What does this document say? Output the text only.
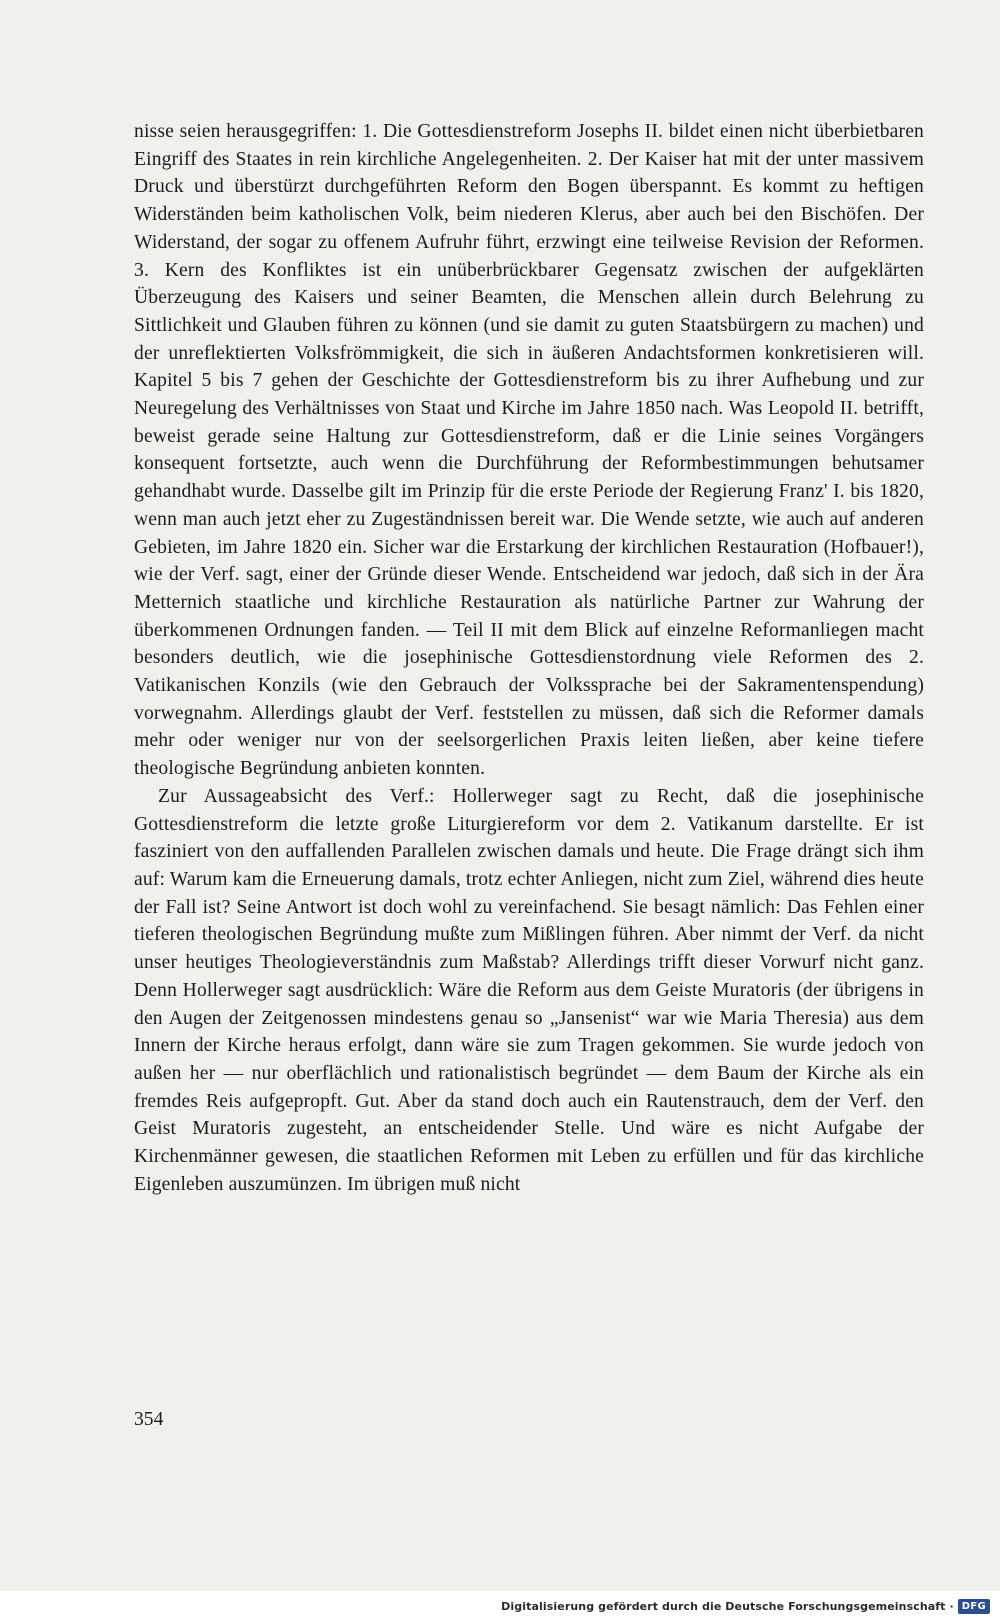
nisse seien herausgegriffen: 1. Die Gottesdienstreform Josephs II. bildet einen nicht überbietbaren Eingriff des Staates in rein kirchliche Angelegenheiten. 2. Der Kaiser hat mit der unter massivem Druck und überstürzt durchgeführten Reform den Bogen überspannt. Es kommt zu heftigen Widerständen beim katholischen Volk, beim niederen Klerus, aber auch bei den Bischöfen. Der Widerstand, der sogar zu offenem Aufruhr führt, erzwingt eine teilweise Revision der Reformen. 3. Kern des Konfliktes ist ein unüberbrückbarer Gegensatz zwischen der aufgeklärten Überzeugung des Kaisers und seiner Beamten, die Menschen allein durch Belehrung zu Sittlichkeit und Glauben führen zu können (und sie damit zu guten Staatsbürgern zu machen) und der unreflektierten Volksfrömmigkeit, die sich in äußeren Andachtsformen konkretisieren will. Kapitel 5 bis 7 gehen der Geschichte der Gottesdienstreform bis zu ihrer Aufhebung und zur Neuregelung des Verhältnisses von Staat und Kirche im Jahre 1850 nach. Was Leopold II. betrifft, beweist gerade seine Haltung zur Gottesdienstreform, daß er die Linie seines Vorgängers konsequent fortsetzte, auch wenn die Durchführung der Reformbestimmungen behutsamer gehandhabt wurde. Dasselbe gilt im Prinzip für die erste Periode der Regierung Franz' I. bis 1820, wenn man auch jetzt eher zu Zugeständnissen bereit war. Die Wende setzte, wie auch auf anderen Gebieten, im Jahre 1820 ein. Sicher war die Erstarkung der kirchlichen Restauration (Hofbauer!), wie der Verf. sagt, einer der Gründe dieser Wende. Entscheidend war jedoch, daß sich in der Ära Metternich staatliche und kirchliche Restauration als natürliche Partner zur Wahrung der überkommenen Ordnungen fanden. — Teil II mit dem Blick auf einzelne Reformanliegen macht besonders deutlich, wie die josephinische Gottesdienstordnung viele Reformen des 2. Vatikanischen Konzils (wie den Gebrauch der Volkssprache bei der Sakramentenspendung) vorwegnahm. Allerdings glaubt der Verf. feststellen zu müssen, daß sich die Reformer damals mehr oder weniger nur von der seelsorgerlichen Praxis leiten ließen, aber keine tiefere theologische Begründung anbieten konnten.

Zur Aussageabsicht des Verf.: Hollerweger sagt zu Recht, daß die josephinische Gottesdienstreform die letzte große Liturgiereform vor dem 2. Vatikanum darstellte. Er ist fasziniert von den auffallenden Parallelen zwischen damals und heute. Die Frage drängt sich ihm auf: Warum kam die Erneuerung damals, trotz echter Anliegen, nicht zum Ziel, während dies heute der Fall ist? Seine Antwort ist doch wohl zu vereinfachend. Sie besagt nämlich: Das Fehlen einer tieferen theologischen Begründung mußte zum Mißlingen führen. Aber nimmt der Verf. da nicht unser heutiges Theologieverständnis zum Maßstab? Allerdings trifft dieser Vorwurf nicht ganz. Denn Hollerweger sagt ausdrücklich: Wäre die Reform aus dem Geiste Muratoris (der übrigens in den Augen der Zeitgenossen mindestens genau so „Jansenist“ war wie Maria Theresia) aus dem Innern der Kirche heraus erfolgt, dann wäre sie zum Tragen gekommen. Sie wurde jedoch von außen her — nur oberflächlich und rationalistisch begründet — dem Baum der Kirche als ein fremdes Reis aufgepropft. Gut. Aber da stand doch auch ein Rautenstrauch, dem der Verf. den Geist Muratoris zugesteht, an entscheidender Stelle. Und wäre es nicht Aufgabe der Kirchenmänner gewesen, die staatlichen Reformen mit Leben zu erfüllen und für das kirchliche Eigenleben auszumünzen. Im übrigen muß nicht

354
Digitalisierung gefördert durch die Deutsche Forschungsgemeinschaft · DFG
